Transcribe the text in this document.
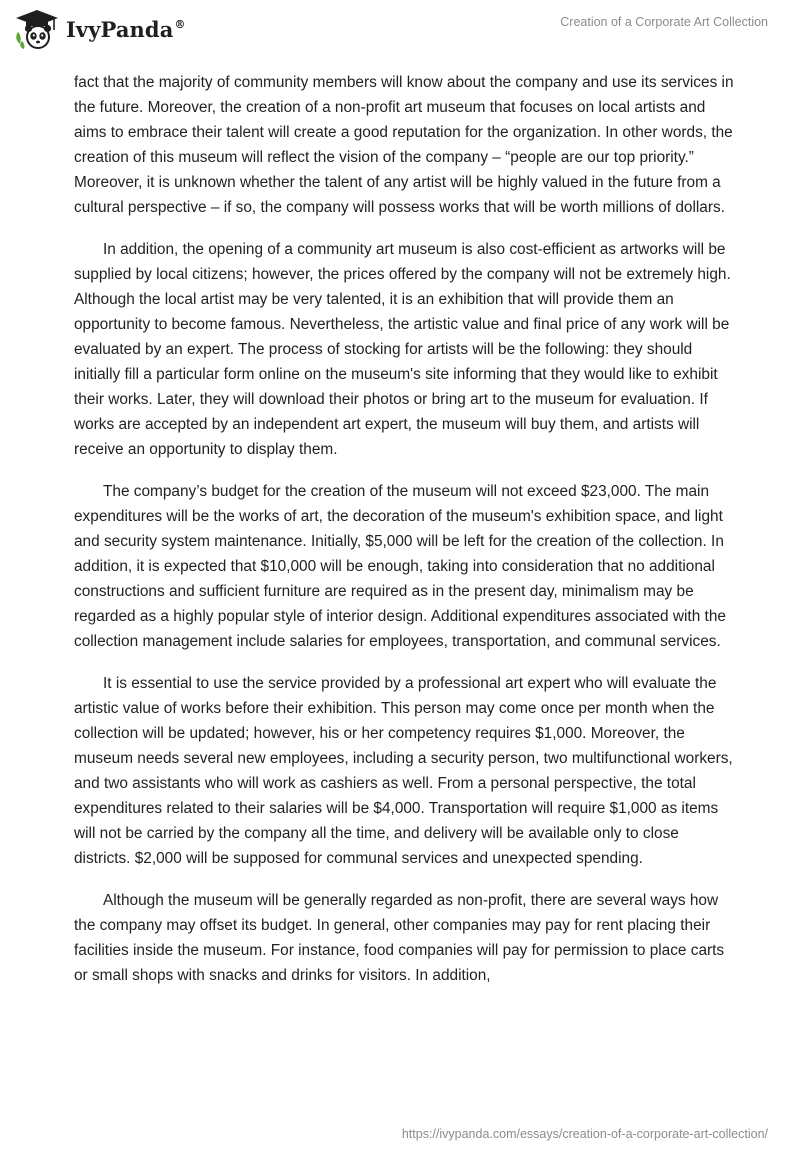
IvyPanda®	Creation of a Corporate Art Collection

fact that the majority of community members will know about the company and use its services in the future. Moreover, the creation of a non-profit art museum that focuses on local artists and aims to embrace their talent will create a good reputation for the organization. In other words, the creation of this museum will reflect the vision of the company – “people are our top priority.” Moreover, it is unknown whether the talent of any artist will be highly valued in the future from a cultural perspective – if so, the company will possess works that will be worth millions of dollars.

In addition, the opening of a community art museum is also cost-efficient as artworks will be supplied by local citizens; however, the prices offered by the company will not be extremely high. Although the local artist may be very talented, it is an exhibition that will provide them an opportunity to become famous. Nevertheless, the artistic value and final price of any work will be evaluated by an expert. The process of stocking for artists will be the following: they should initially fill a particular form online on the museum's site informing that they would like to exhibit their works. Later, they will download their photos or bring art to the museum for evaluation. If works are accepted by an independent art expert, the museum will buy them, and artists will receive an opportunity to display them.

The company’s budget for the creation of the museum will not exceed $23,000. The main expenditures will be the works of art, the decoration of the museum's exhibition space, and light and security system maintenance. Initially, $5,000 will be left for the creation of the collection. In addition, it is expected that $10,000 will be enough, taking into consideration that no additional constructions and sufficient furniture are required as in the present day, minimalism may be regarded as a highly popular style of interior design. Additional expenditures associated with the collection management include salaries for employees, transportation, and communal services.

It is essential to use the service provided by a professional art expert who will evaluate the artistic value of works before their exhibition. This person may come once per month when the collection will be updated; however, his or her competency requires $1,000. Moreover, the museum needs several new employees, including a security person, two multifunctional workers, and two assistants who will work as cashiers as well. From a personal perspective, the total expenditures related to their salaries will be $4,000. Transportation will require $1,000 as items will not be carried by the company all the time, and delivery will be available only to close districts. $2,000 will be supposed for communal services and unexpected spending.

Although the museum will be generally regarded as non-profit, there are several ways how the company may offset its budget. In general, other companies may pay for rent placing their facilities inside the museum. For instance, food companies will pay for permission to place carts or small shops with snacks and drinks for visitors. In addition,

https://ivypanda.com/essays/creation-of-a-corporate-art-collection/
